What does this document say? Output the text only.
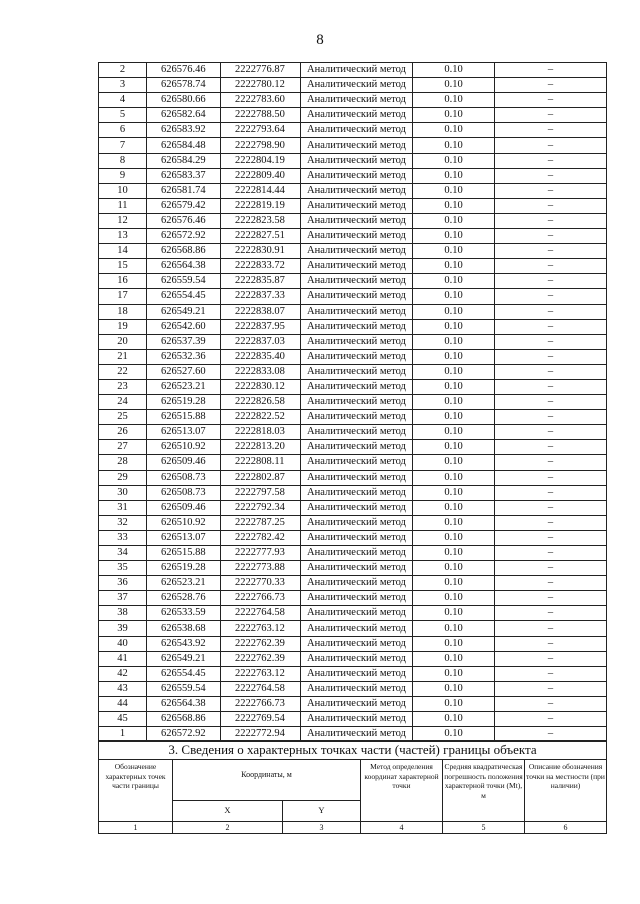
8
2	626576.46	2222776.87	Аналитический метод	0.10	–
3	626578.74	2222780.12	Аналитический метод	0.10	–
4	626580.66	2222783.60	Аналитический метод	0.10	–
5	626582.64	2222788.50	Аналитический метод	0.10	–
6	626583.92	2222793.64	Аналитический метод	0.10	–
7	626584.48	2222798.90	Аналитический метод	0.10	–
8	626584.29	2222804.19	Аналитический метод	0.10	–
9	626583.37	2222809.40	Аналитический метод	0.10	–
10	626581.74	2222814.44	Аналитический метод	0.10	–
11	626579.42	2222819.19	Аналитический метод	0.10	–
12	626576.46	2222823.58	Аналитический метод	0.10	–
13	626572.92	2222827.51	Аналитический метод	0.10	–
14	626568.86	2222830.91	Аналитический метод	0.10	–
15	626564.38	2222833.72	Аналитический метод	0.10	–
16	626559.54	2222835.87	Аналитический метод	0.10	–
17	626554.45	2222837.33	Аналитический метод	0.10	–
18	626549.21	2222838.07	Аналитический метод	0.10	–
19	626542.60	2222837.95	Аналитический метод	0.10	–
20	626537.39	2222837.03	Аналитический метод	0.10	–
21	626532.36	2222835.40	Аналитический метод	0.10	–
22	626527.60	2222833.08	Аналитический метод	0.10	–
23	626523.21	2222830.12	Аналитический метод	0.10	–
24	626519.28	2222826.58	Аналитический метод	0.10	–
25	626515.88	2222822.52	Аналитический метод	0.10	–
26	626513.07	2222818.03	Аналитический метод	0.10	–
27	626510.92	2222813.20	Аналитический метод	0.10	–
28	626509.46	2222808.11	Аналитический метод	0.10	–
29	626508.73	2222802.87	Аналитический метод	0.10	–
30	626508.73	2222797.58	Аналитический метод	0.10	–
31	626509.46	2222792.34	Аналитический метод	0.10	–
32	626510.92	2222787.25	Аналитический метод	0.10	–
33	626513.07	2222782.42	Аналитический метод	0.10	–
34	626515.88	2222777.93	Аналитический метод	0.10	–
35	626519.28	2222773.88	Аналитический метод	0.10	–
36	626523.21	2222770.33	Аналитический метод	0.10	–
37	626528.76	2222766.73	Аналитический метод	0.10	–
38	626533.59	2222764.58	Аналитический метод	0.10	–
39	626538.68	2222763.12	Аналитический метод	0.10	–
40	626543.92	2222762.39	Аналитический метод	0.10	–
41	626549.21	2222762.39	Аналитический метод	0.10	–
42	626554.45	2222763.12	Аналитический метод	0.10	–
43	626559.54	2222764.58	Аналитический метод	0.10	–
44	626564.38	2222766.73	Аналитический метод	0.10	–
45	626568.86	2222769.54	Аналитический метод	0.10	–
1	626572.92	2222772.94	Аналитический метод	0.10	–
3. Сведения о характерных точках части (частей) границы объекта					
Обозначение характерных точек части границы	Координаты, м		Метод определения координат характерной точки	Средняя квадратическая погрешность положения характерной точки (Mt), м	Описание обозначения точки на местности (при наличии)
	X	Y			
1	2	3	4	5	6
